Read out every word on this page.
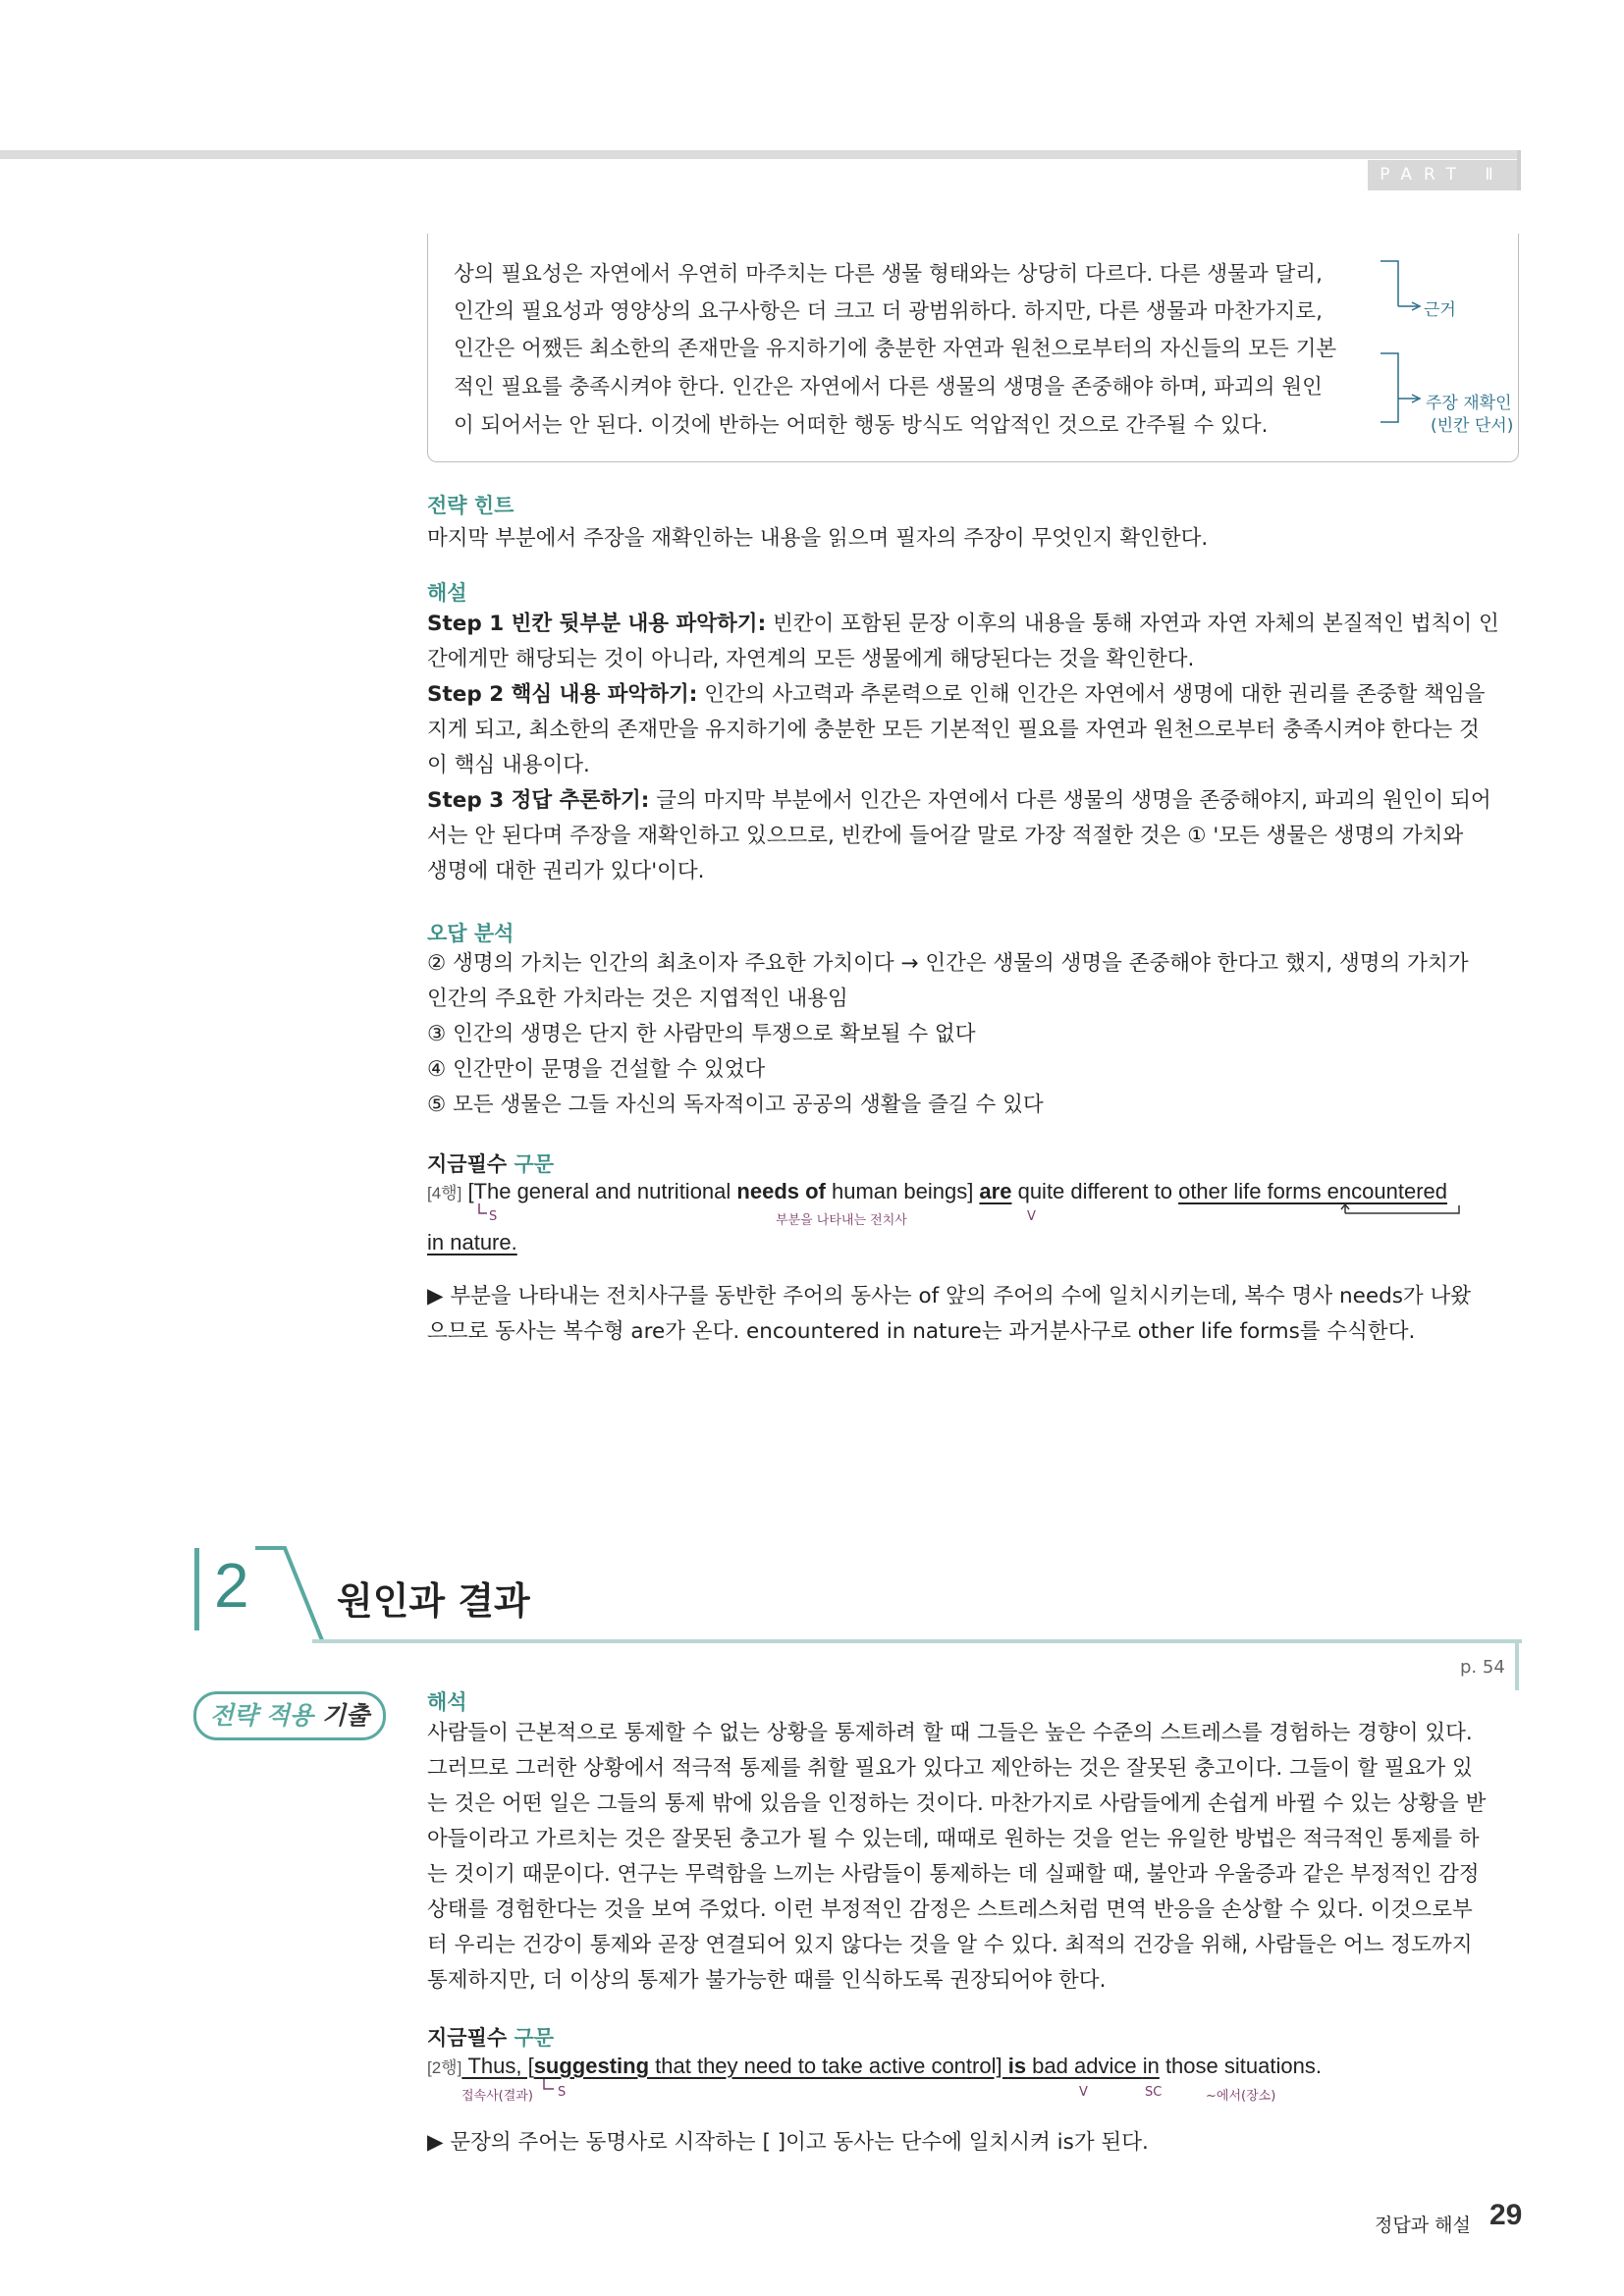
PART Ⅱ
상의 필요성은 자연에서 우연히 마주치는 다른 생물 형태와는 상당히 다르다. 다른 생물과 달리,
인간의 필요성과 영양상의 요구사항은 더 크고 더 광범위하다. 하지만, 다른 생물과 마찬가지로,
인간은 어쨌든 최소한의 존재만을 유지하기에 충분한 자연과 원천으로부터의 자신들의 모든 기본
적인 필요를 충족시켜야 한다. 인간은 자연에서 다른 생물의 생명을 존중해야 하며, 파괴의 원인
이 되어서는 안 된다. 이것에 반하는 어떠한 행동 방식도 억압적인 것으로 간주될 수 있다.
근거
주장 재확인
(빈칸 단서)
전략 힌트
마지막 부분에서 주장을 재확인하는 내용을 읽으며 필자의 주장이 무엇인지 확인한다.
해설

Step 1 빈칸 뒷부분 내용 파악하기: 빈칸이 포함된 문장 이후의 내용을 통해 자연과 자연 자체의 본질적인 법칙이 인

간에게만 해당되는 것이 아니라, 자연계의 모든 생물에게 해당된다는 것을 확인한다.

Step 2 핵심 내용 파악하기: 인간의 사고력과 추론력으로 인해 인간은 자연에서 생명에 대한 권리를 존중할 책임을

지게 되고, 최소한의 존재만을 유지하기에 충분한 모든 기본적인 필요를 자연과 원천으로부터 충족시켜야 한다는 것

이 핵심 내용이다.

Step 3 정답 추론하기: 글의 마지막 부분에서 인간은 자연에서 다른 생물의 생명을 존중해야지, 파괴의 원인이 되어

서는 안 된다며 주장을 재확인하고 있으므로, 빈칸에 들어갈 말로 가장 적절한 것은 ① '모든 생물은 생명의 가치와

생명에 대한 권리가 있다'이다.

오답 분석

② 생명의 가치는 인간의 최초이자 주요한 가치이다 → 인간은 생물의 생명을 존중해야 한다고 했지, 생명의 가치가

인간의 주요한 가치라는 것은 지엽적인 내용임

③ 인간의 생명은 단지 한 사람만의 투쟁으로 확보될 수 없다

④ 인간만이 문명을 건설할 수 있었다

⑤ 모든 생물은 그들 자신의 독자적이고 공공의 생활을 즐길 수 있다

지금필수 구문
[4행] [The general and nutritional needs of human beings] are quite different to other life forms encountered
S	부분을 나타내는 전치사	V
in nature.

▶ 부분을 나타내는 전치사구를 동반한 주어의 동사는 of 앞의 주어의 수에 일치시키는데, 복수 명사 needs가 나왔

으므로 동사는 복수형 are가 온다. encountered in nature는 과거분사구로 other life forms를 수식한다.

2 원인과 결과
p. 54
전략 적용 기출	해석

사람들이 근본적으로 통제할 수 없는 상황을 통제하려 할 때 그들은 높은 수준의 스트레스를 경험하는 경향이 있다.

그러므로 그러한 상황에서 적극적 통제를 취할 필요가 있다고 제안하는 것은 잘못된 충고이다. 그들이 할 필요가 있

는 것은 어떤 일은 그들의 통제 밖에 있음을 인정하는 것이다. 마찬가지로 사람들에게 손쉽게 바뀔 수 있는 상황을 받

아들이라고 가르치는 것은 잘못된 충고가 될 수 있는데, 때때로 원하는 것을 얻는 유일한 방법은 적극적인 통제를 하

는 것이기 때문이다. 연구는 무력함을 느끼는 사람들이 통제하는 데 실패할 때, 불안과 우울증과 같은 부정적인 감정

상태를 경험한다는 것을 보여 주었다. 이런 부정적인 감정은 스트레스처럼 면역 반응을 손상할 수 있다. 이것으로부

터 우리는 건강이 통제와 곧장 연결되어 있지 않다는 것을 알 수 있다. 최적의 건강을 위해, 사람들은 어느 정도까지

통제하지만, 더 이상의 통제가 불가능한 때를 인식하도록 권장되어야 한다.

지금필수 구문
[2행] Thus, [suggesting that they need to take active control] is bad advice in those situations.
접속사(결과) S	V	SC	~에서(장소)
▶ 문장의 주어는 동명사로 시작하는 [ ]이고 동사는 단수에 일치시켜 is가 된다.
정답과 해설 29
